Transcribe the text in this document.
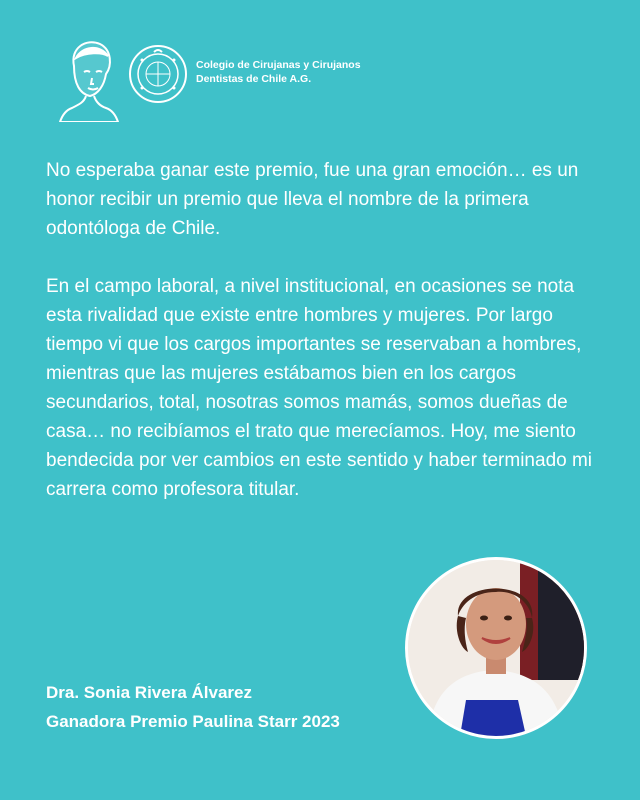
Colegio de Cirujanas y Cirujanos
Dentistas de Chile A.G.

No esperaba ganar este premio, fue una gran emoción… es un honor recibir un premio que lleva el nombre de la primera odontóloga de Chile.

En el campo laboral, a nivel institucional, en ocasiones se nota esta rivalidad que existe entre hombres y mujeres. Por largo tiempo vi que los cargos importantes se reservaban a hombres, mientras que las mujeres estábamos bien en los cargos secundarios, total, nosotras somos mamás, somos dueñas de casa… no recibíamos el trato que merecíamos. Hoy, me siento bendecida por ver cambios en este sentido y haber terminado mi carrera como profesora titular.

Dra. Sonia Rivera Álvarez
Ganadora Premio Paulina Starr 2023
